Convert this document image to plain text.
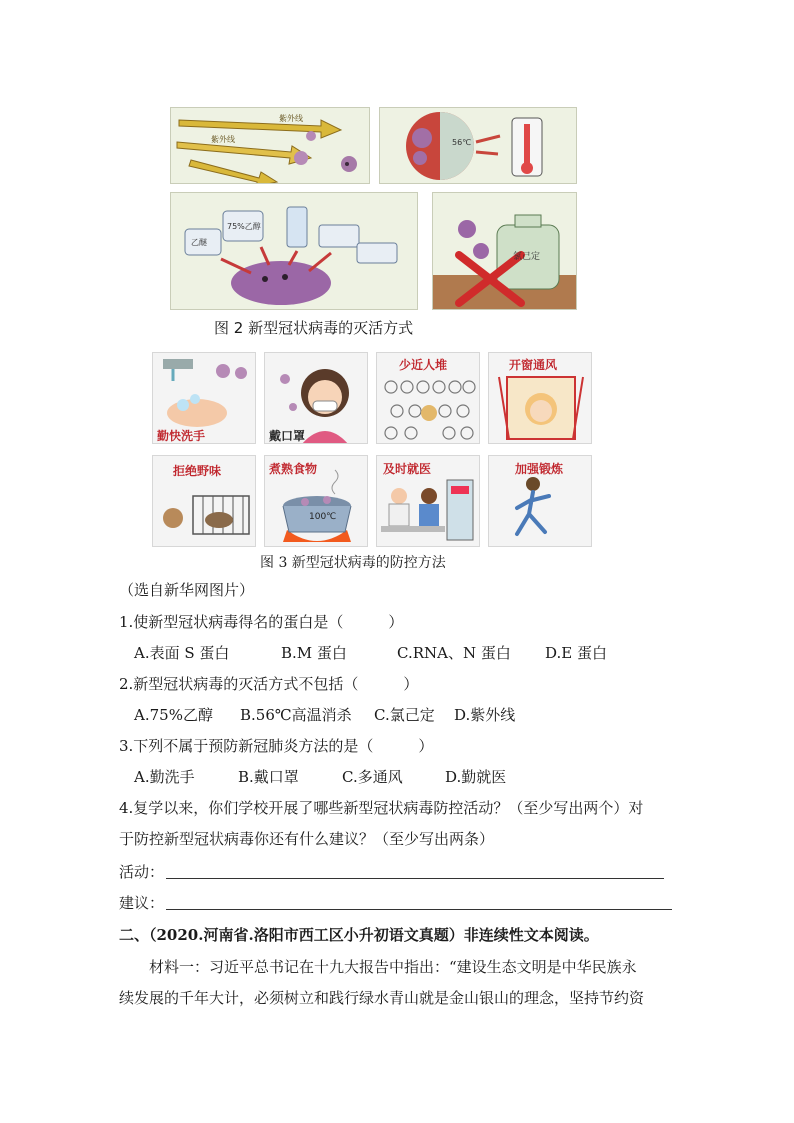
紫外线
紫外线	56℃
乙醚
75%乙醇
氯己定
图 2 新型冠状病毒的灭活方式
勤快洗手	戴口罩
少近人堆	开窗通风
拒绝野味	煮熟食物
100℃
及时就医	加强锻炼
图 3 新型冠状病毒的防控方法
（选自新华网图片）
1.使新型冠状病毒得名的蛋白是（　　　）
A.表面 S 蛋白	B.M 蛋白	C.RNA、N 蛋白 D.E 蛋白
2.新型冠状病毒的灭活方式不包括（　　　）
A.75%乙醇 B.56℃高温消杀 C.氯己定 D.紫外线
3.下列不属于预防新冠肺炎方法的是（　　　）
A.勤洗手	B.戴口罩	C.多通风	D.勤就医
4.复学以来，你们学校开展了哪些新型冠状病毒防控活动？（至少写出两个）对
于防控新型冠状病毒你还有什么建议？（至少写出两条）
活动：
建议：
二、（2020.河南省.洛阳市西工区小升初语文真题）非连续性文本阅读。
材料一：习近平总书记在十九大报告中指出：“建设生态文明是中华民族永
续发展的千年大计，必须树立和践行绿水青山就是金山银山的理念，坚持节约资
